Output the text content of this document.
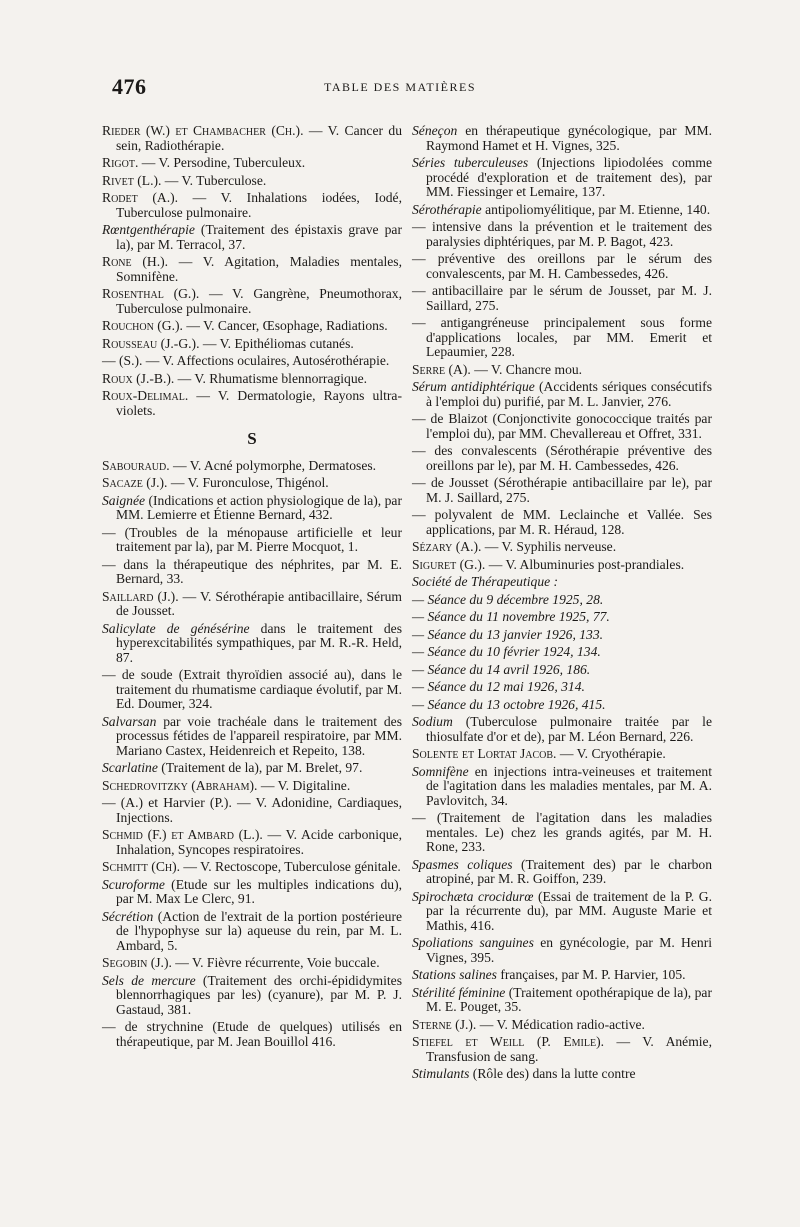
476	TABLE DES MATIÈRES

Rieder (W.) et Chambacher (Ch.). — V. Cancer du sein, Radiothérapie.

Rigot. — V. Persodine, Tuberculeux.

Rivet (L.). — V. Tuberculose.

Rodet (A.). — V. Inhalations iodées, Iodé, Tuberculose pulmonaire.

Rœntgenthérapie (Traitement des épistaxis grave par la), par M. Terracol, 37.

Rone (H.). — V. Agitation, Maladies mentales, Somnifène.

Rosenthal (G.). — V. Gangrène, Pneumothorax, Tuberculose pulmonaire.

Rouchon (G.). — V. Cancer, Œsophage, Radiations.

Rousseau (J.-G.). — V. Epithéliomas cutanés.

— (S.). — V. Affections oculaires, Autosérothérapie.

Roux (J.-B.). — V. Rhumatisme blennorragique.

Roux-Delimal. — V. Dermatologie, Rayons ultra-violets.

S

Sabouraud. — V. Acné polymorphe, Dermatoses.

Sacaze (J.). — V. Furonculose, Thigénol.

Saignée (Indications et action physiologique de la), par MM. Lemierre et Étienne Bernard, 432.

— (Troubles de la ménopause artificielle et leur traitement par la), par M. Pierre Mocquot, 1.

— dans la thérapeutique des néphrites, par M. E. Bernard, 33.

Saillard (J.). — V. Sérothérapie antibacillaire, Sérum de Jousset.

Salicylate de génésérine dans le traitement des hyperexcitabilités sympathiques, par M. R.-R. Held, 87.

— de soude (Extrait thyroïdien associé au), dans le traitement du rhumatisme cardiaque évolutif, par M. Ed. Doumer, 324.

Salvarsan par voie trachéale dans le traitement des processus fétides de l'appareil respiratoire, par MM. Mariano Castex, Heidenreich et Repeito, 138.

Scarlatine (Traitement de la), par M. Brelet, 97.

Schedrovitzky (Abraham). — V. Digitaline.

— (A.) et Harvier (P.). — V. Adonidine, Cardiaques, Injections.

Schmid (F.) et Ambard (L.). — V. Acide carbonique, Inhalation, Syncopes respiratoires.

Schmitt (Ch). — V. Rectoscope, Tuberculose génitale.

Scuroforme (Etude sur les multiples indications du), par M. Max Le Clerc, 91.

Sécrétion (Action de l'extrait de la portion postérieure de l'hypophyse sur la) aqueuse du rein, par M. L. Ambard, 5.

Segobin (J.). — V. Fièvre récurrente, Voie buccale.

Sels de mercure (Traitement des orchi-épididymites blennorrhagiques par les) (cyanure), par M. P. J. Gastaud, 381.

— de strychnine (Etude de quelques) utilisés en thérapeutique, par M. Jean Bouillol 416.

Séneçon en thérapeutique gynécologique, par MM. Raymond Hamet et H. Vignes, 325.

Séries tuberculeuses (Injections lipiodolées comme procédé d'exploration et de traitement des), par MM. Fiessinger et Lemaire, 137.

Sérothérapie antipoliomyélitique, par M. Etienne, 140.

— intensive dans la prévention et le traitement des paralysies diphtériques, par M. P. Bagot, 423.

— préventive des oreillons par le sérum des convalescents, par M. H. Cambessedes, 426.

— antibacillaire par le sérum de Jousset, par M. J. Saillard, 275.

— antigangréneuse principalement sous forme d'applications locales, par MM. Emerit et Lepaumier, 228.

Serre (A). — V. Chancre mou.

Sérum antidiphtérique (Accidents sériques consécutifs à l'emploi du) purifié, par M. L. Janvier, 276.

— de Blaizot (Conjonctivite gonococcique traités par l'emploi du), par MM. Chevallereau et Offret, 331.

— des convalescents (Sérothérapie préventive des oreillons par le), par M. H. Cambessedes, 426.

— de Jousset (Sérothérapie antibacillaire par le), par M. J. Saillard, 275.

— polyvalent de MM. Leclainche et Vallée. Ses applications, par M. R. Héraud, 128.

Sézary (A.). — V. Syphilis nerveuse.

Siguret (G.). — V. Albuminuries post-prandiales.

Société de Thérapeutique :

— Séance du 9 décembre 1925, 28.

— Séance du 11 novembre 1925, 77.

— Séance du 13 janvier 1926, 133.

— Séance du 10 février 1924, 134.

— Séance du 14 avril 1926, 186.

— Séance du 12 mai 1926, 314.

— Séance du 13 octobre 1926, 415.

Sodium (Tuberculose pulmonaire traitée par le thiosulfate d'or et de), par M. Léon Bernard, 226.

Solente et Lortat Jacob. — V. Cryothérapie.

Somnifène en injections intra-veineuses et traitement de l'agitation dans les maladies mentales, par M. A. Pavlovitch, 34.

— (Traitement de l'agitation dans les maladies mentales. Le) chez les grands agités, par M. H. Rone, 233.

Spasmes coliques (Traitement des) par le charbon atropiné, par M. R. Goiffon, 239.

Spirochæta crocidurœ (Essai de traitement de la P. G. par la récurrente du), par MM. Auguste Marie et Mathis, 416.

Spoliations sanguines en gynécologie, par M. Henri Vignes, 395.

Stations salines françaises, par M. P. Harvier, 105.

Stérilité féminine (Traitement opothérapique de la), par M. E. Pouget, 35.

Sterne (J.). — V. Médication radio-active.

Stiefel et Weill (P. Emile). — V. Anémie, Transfusion de sang.

Stimulants (Rôle des) dans la lutte contre
